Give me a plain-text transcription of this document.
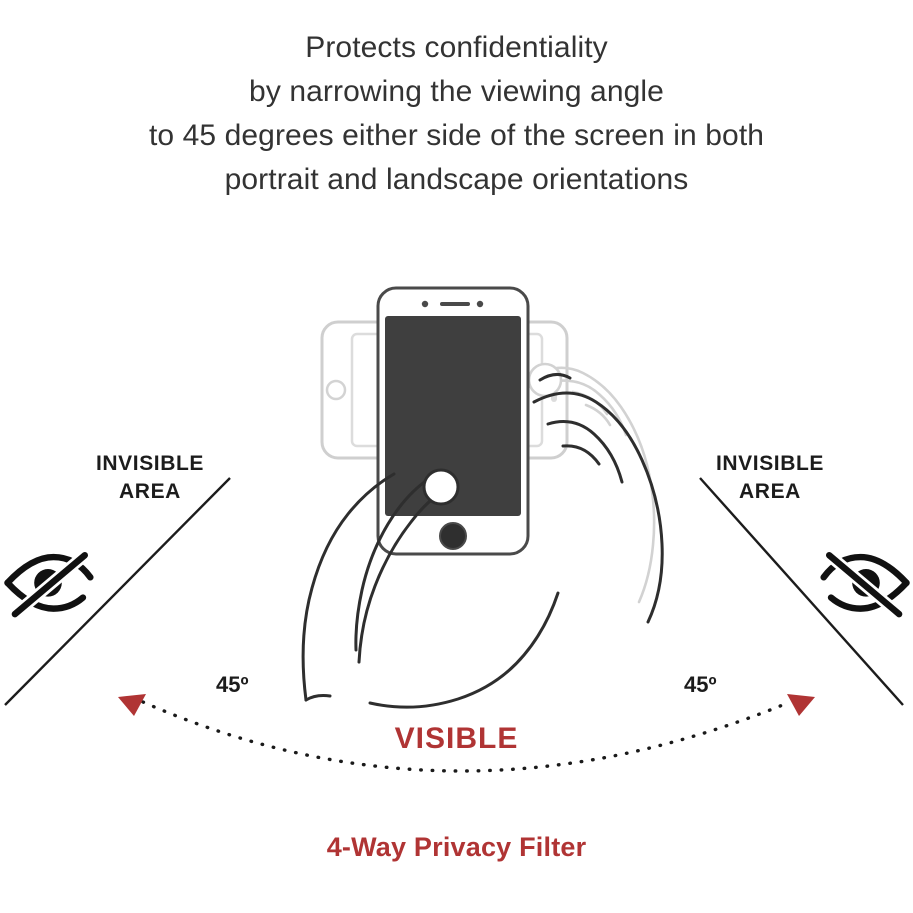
Protects confidentiality
by narrowing the viewing angle
to 45 degrees either side of the screen in both
portrait and landscape orientations
INVISIBLE
AREA
INVISIBLE
AREA
45º	45º
VISIBLE
4-Way Privacy Filter
